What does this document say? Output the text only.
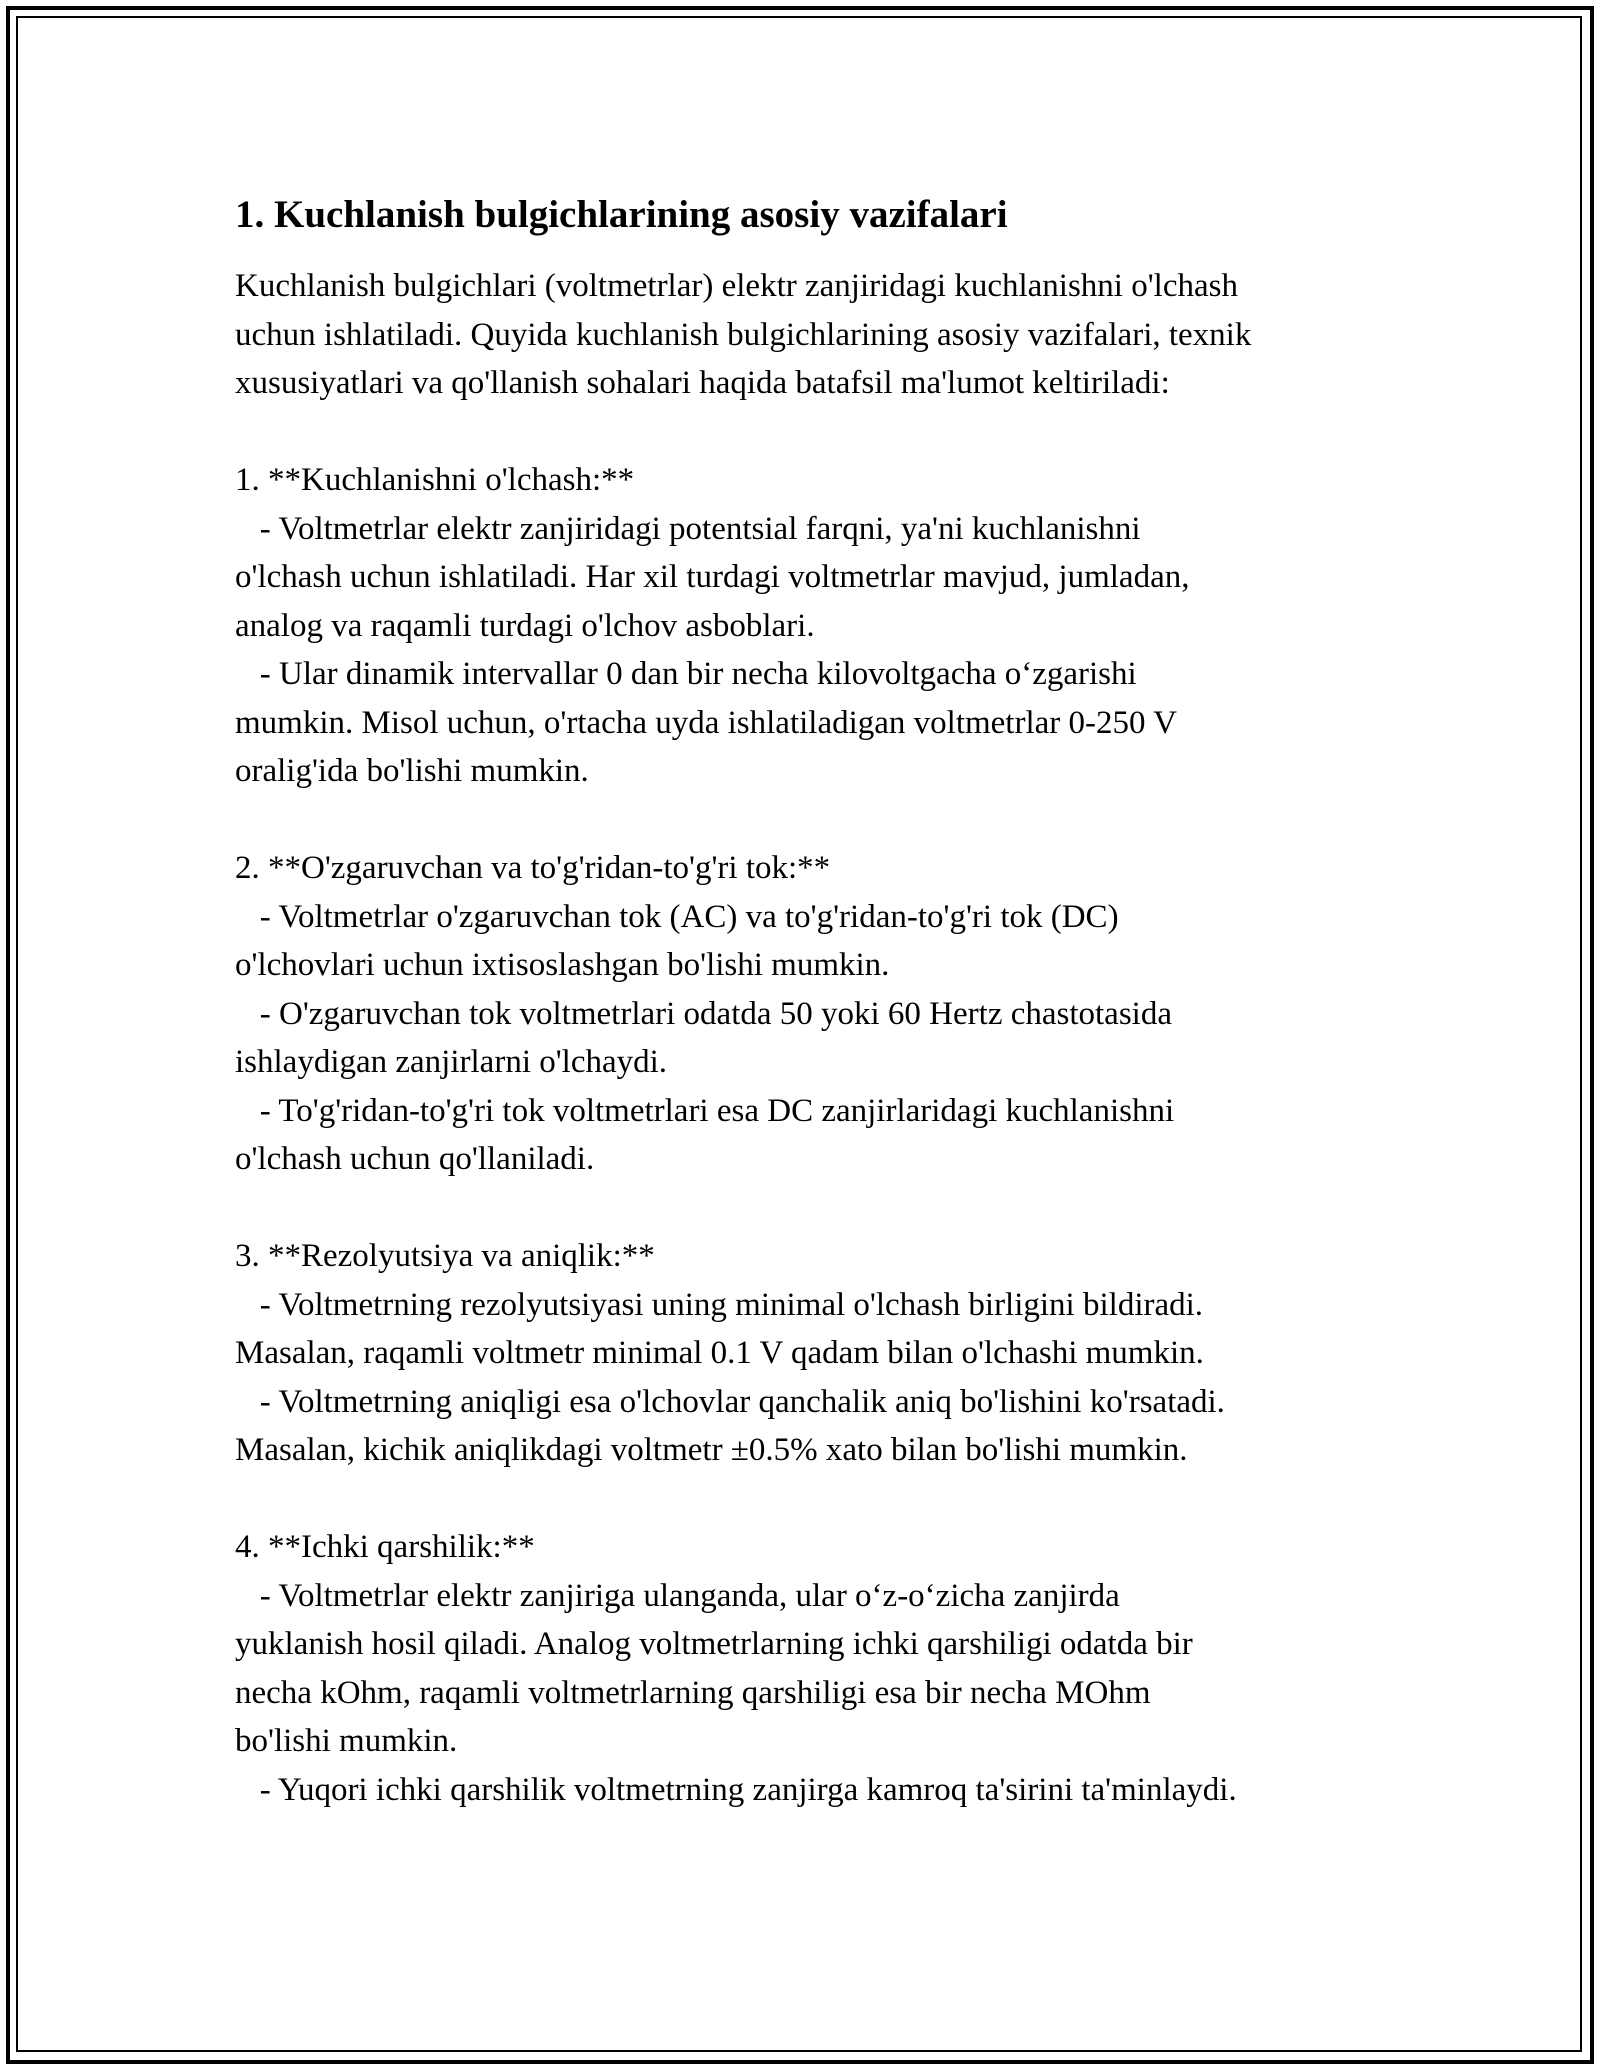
1. Kuchlanish bulgichlarining asosiy vazifalari

Kuchlanish bulgichlari (voltmetrlar) elektr zanjiridagi kuchlanishni o'lchash
uchun ishlatiladi. Quyida kuchlanish bulgichlarining asosiy vazifalari, texnik
xususiyatlari va qo'llanish sohalari haqida batafsil ma'lumot keltiriladi:

1. **Kuchlanishni o'lchash:**

- Voltmetrlar elektr zanjiridagi potentsial farqni, ya'ni kuchlanishni
o'lchash uchun ishlatiladi. Har xil turdagi voltmetrlar mavjud, jumladan,
analog va raqamli turdagi o'lchov asboblari.

- Ular dinamik intervallar 0 dan bir necha kilovoltgacha o‘zgarishi
mumkin. Misol uchun, o'rtacha uyda ishlatiladigan voltmetrlar 0-250 V
oralig'ida bo'lishi mumkin.

2. **O'zgaruvchan va to'g'ridan-to'g'ri tok:**

- Voltmetrlar o'zgaruvchan tok (AC) va to'g'ridan-to'g'ri tok (DC)
o'lchovlari uchun ixtisoslashgan bo'lishi mumkin.

- O'zgaruvchan tok voltmetrlari odatda 50 yoki 60 Hertz chastotasida
ishlaydigan zanjirlarni o'lchaydi.

- To'g'ridan-to'g'ri tok voltmetrlari esa DC zanjirlaridagi kuchlanishni
o'lchash uchun qo'llaniladi.

3. **Rezolyutsiya va aniqlik:**

- Voltmetrning rezolyutsiyasi uning minimal o'lchash birligini bildiradi.
Masalan, raqamli voltmetr minimal 0.1 V qadam bilan o'lchashi mumkin.

- Voltmetrning aniqligi esa o'lchovlar qanchalik aniq bo'lishini ko'rsatadi.
Masalan, kichik aniqlikdagi voltmetr ±0.5% xato bilan bo'lishi mumkin.

4. **Ichki qarshilik:**

- Voltmetrlar elektr zanjiriga ulanganda, ular o‘z-o‘zicha zanjirda
yuklanish hosil qiladi. Analog voltmetrlarning ichki qarshiligi odatda bir
necha kOhm, raqamli voltmetrlarning qarshiligi esa bir necha MOhm
bo'lishi mumkin.

- Yuqori ichki qarshilik voltmetrning zanjirga kamroq ta'sirini ta'minlaydi.
